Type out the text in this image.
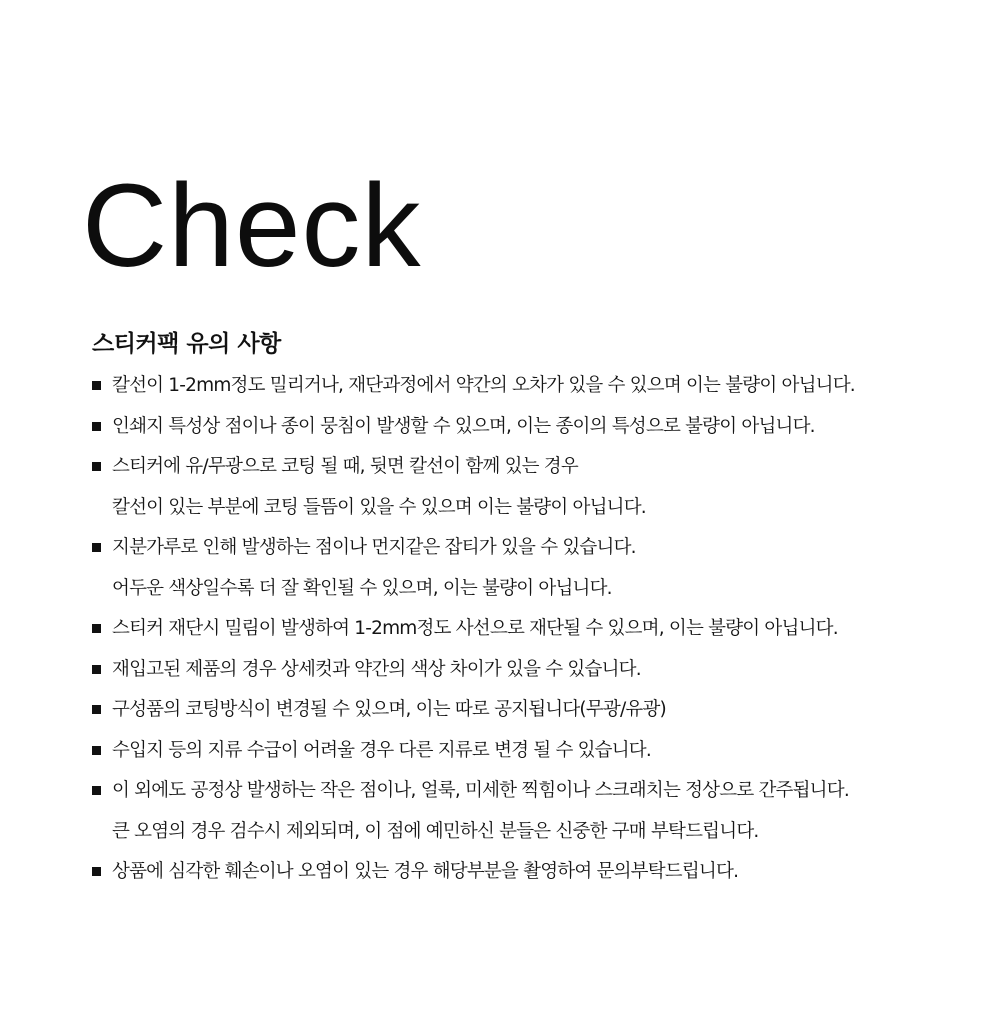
Check
스티커팩 유의 사항
칼선이 1-2mm정도 밀리거나, 재단과정에서 약간의 오차가 있을 수 있으며 이는 불량이 아닙니다.
인쇄지 특성상 점이나 종이 뭉침이 발생할 수 있으며, 이는 종이의 특성으로 불량이 아닙니다.
스티커에 유/무광으로 코팅 될 때, 뒷면 칼선이 함께 있는 경우
칼선이 있는 부분에 코팅 들뜸이 있을 수 있으며 이는 불량이 아닙니다.
지분가루로 인해 발생하는 점이나 먼지같은 잡티가 있을 수 있습니다.
어두운 색상일수록 더 잘 확인될 수 있으며, 이는 불량이 아닙니다.
스티커 재단시 밀림이 발생하여 1-2mm정도 사선으로 재단될 수 있으며, 이는 불량이 아닙니다.
재입고된 제품의 경우 상세컷과 약간의 색상 차이가 있을 수 있습니다.
구성품의 코팅방식이 변경될 수 있으며, 이는 따로 공지됩니다(무광/유광)
수입지 등의 지류 수급이 어려울 경우 다른 지류로 변경 될 수 있습니다.
이 외에도 공정상 발생하는 작은 점이나, 얼룩, 미세한 찍힘이나 스크래치는 정상으로 간주됩니다.
큰 오염의 경우 검수시 제외되며, 이 점에 예민하신 분들은 신중한 구매 부탁드립니다.
상품에 심각한 훼손이나 오염이 있는 경우 해당부분을 촬영하여 문의부탁드립니다.
